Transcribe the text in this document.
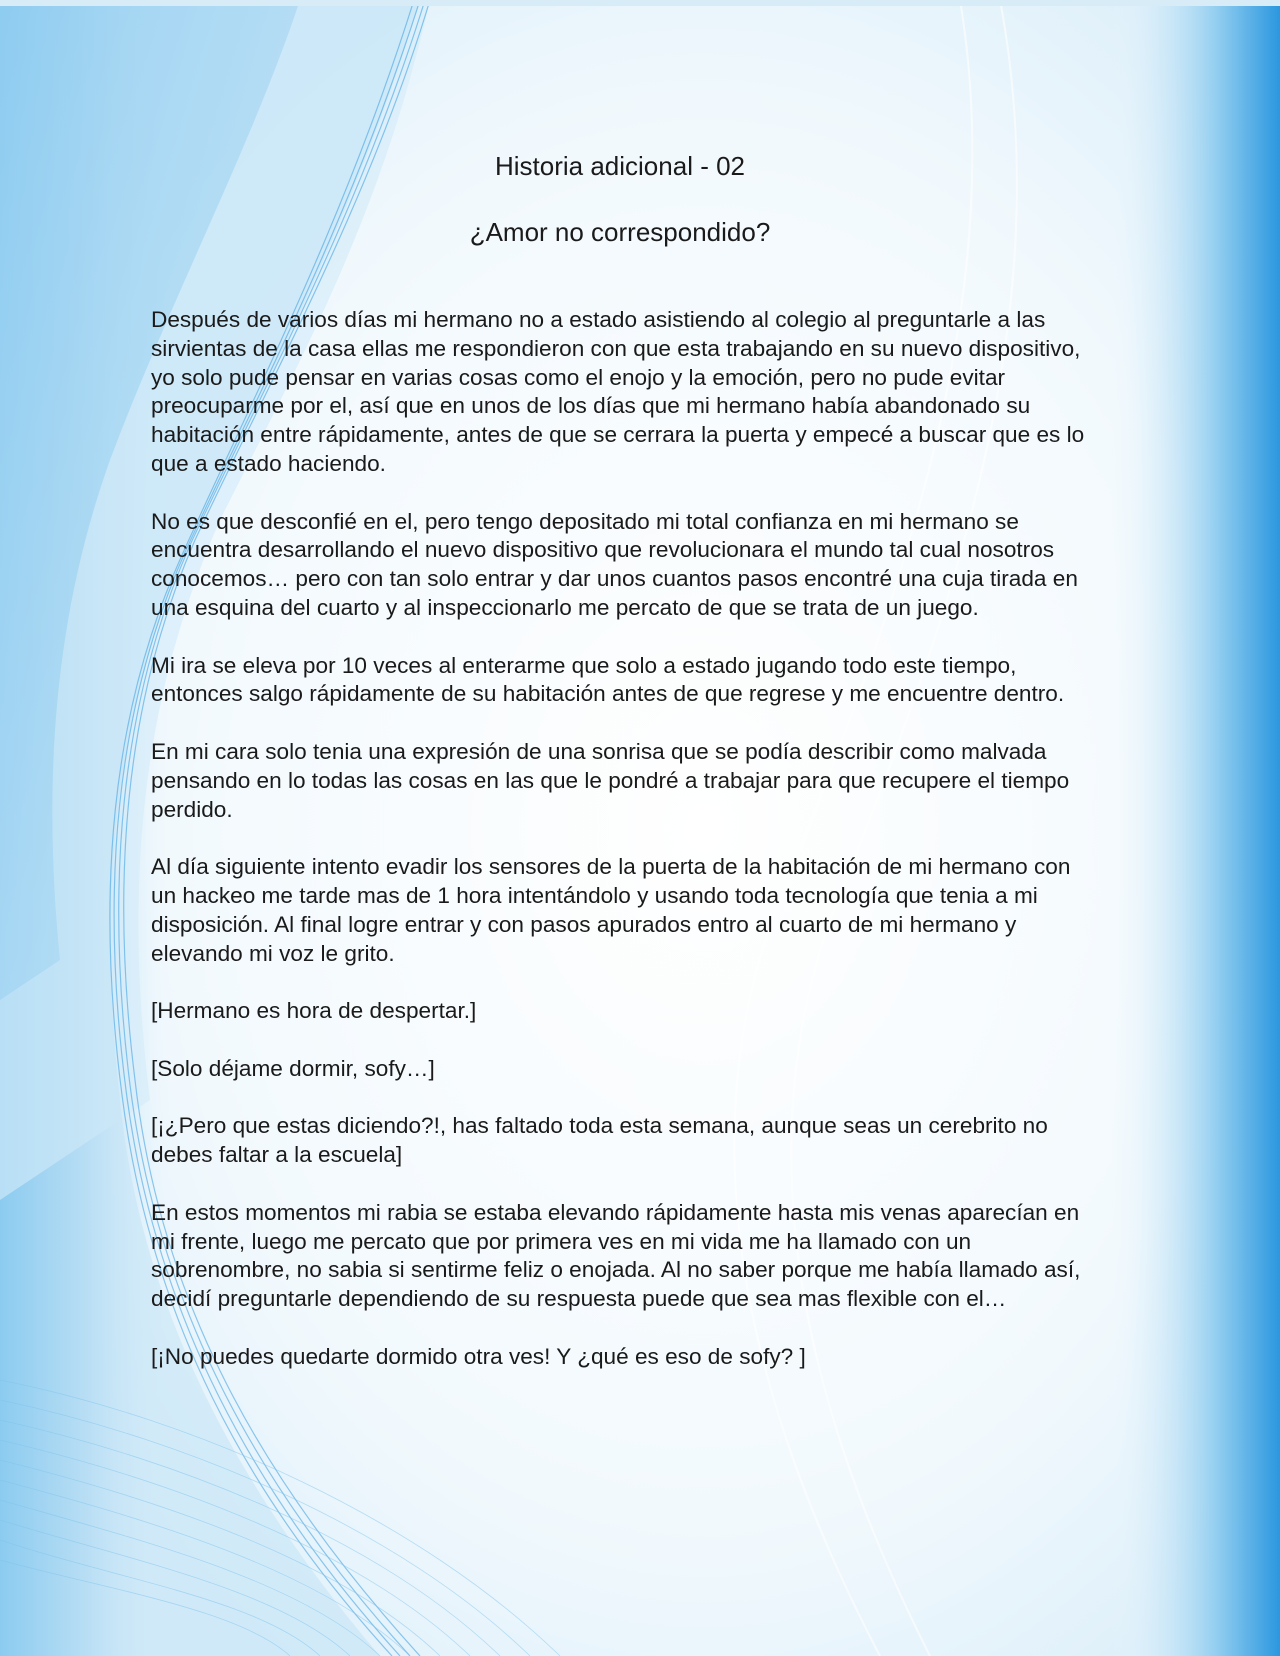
Historia adicional - 02
¿Amor no correspondido?

Después de varios días mi hermano no a estado asistiendo al colegio al preguntarle a las sirvientas de la casa ellas me respondieron con que esta trabajando en su nuevo dispositivo, yo solo pude pensar en varias cosas como el enojo y la emoción, pero no pude evitar preocuparme por el, así que en unos de los días que mi hermano había abandonado su habitación entre rápidamente, antes de que se cerrara la puerta y empecé a buscar que es lo que a estado haciendo.

No es que desconfié en el, pero tengo depositado mi total confianza en mi hermano se encuentra desarrollando el nuevo dispositivo que revolucionara el mundo tal cual nosotros conocemos… pero con tan solo entrar y dar unos cuantos pasos encontré una cuja tirada en una esquina del cuarto y al inspeccionarlo me percato de que se trata de un juego.

Mi ira se eleva por 10 veces al enterarme que solo a estado jugando todo este tiempo, entonces salgo rápidamente de su habitación antes de que regrese y me encuentre dentro.

En mi cara solo tenia una expresión de una sonrisa que se podía describir como malvada pensando en lo todas las cosas en las que le pondré a trabajar para que recupere el tiempo perdido.

Al día siguiente intento evadir los sensores de la puerta de la habitación de mi hermano con un hackeo me tarde mas de 1 hora intentándolo y usando toda tecnología que tenia a mi disposición. Al final logre entrar y con pasos apurados entro al cuarto de mi hermano y elevando mi voz le grito.

[Hermano es hora de despertar.]

[Solo déjame dormir, sofy…]

[¡¿Pero que estas diciendo?!, has faltado toda esta semana, aunque seas un cerebrito no debes faltar a la escuela]

En estos momentos mi rabia se estaba elevando rápidamente hasta mis venas aparecían en mi frente, luego me percato que por primera ves en mi vida me ha llamado con un sobrenombre, no sabia si sentirme feliz o enojada. Al no saber porque me había llamado así, decidí preguntarle dependiendo de su respuesta puede que sea mas flexible con el…

[¡No puedes quedarte dormido otra ves! Y ¿qué es eso de sofy? ]
